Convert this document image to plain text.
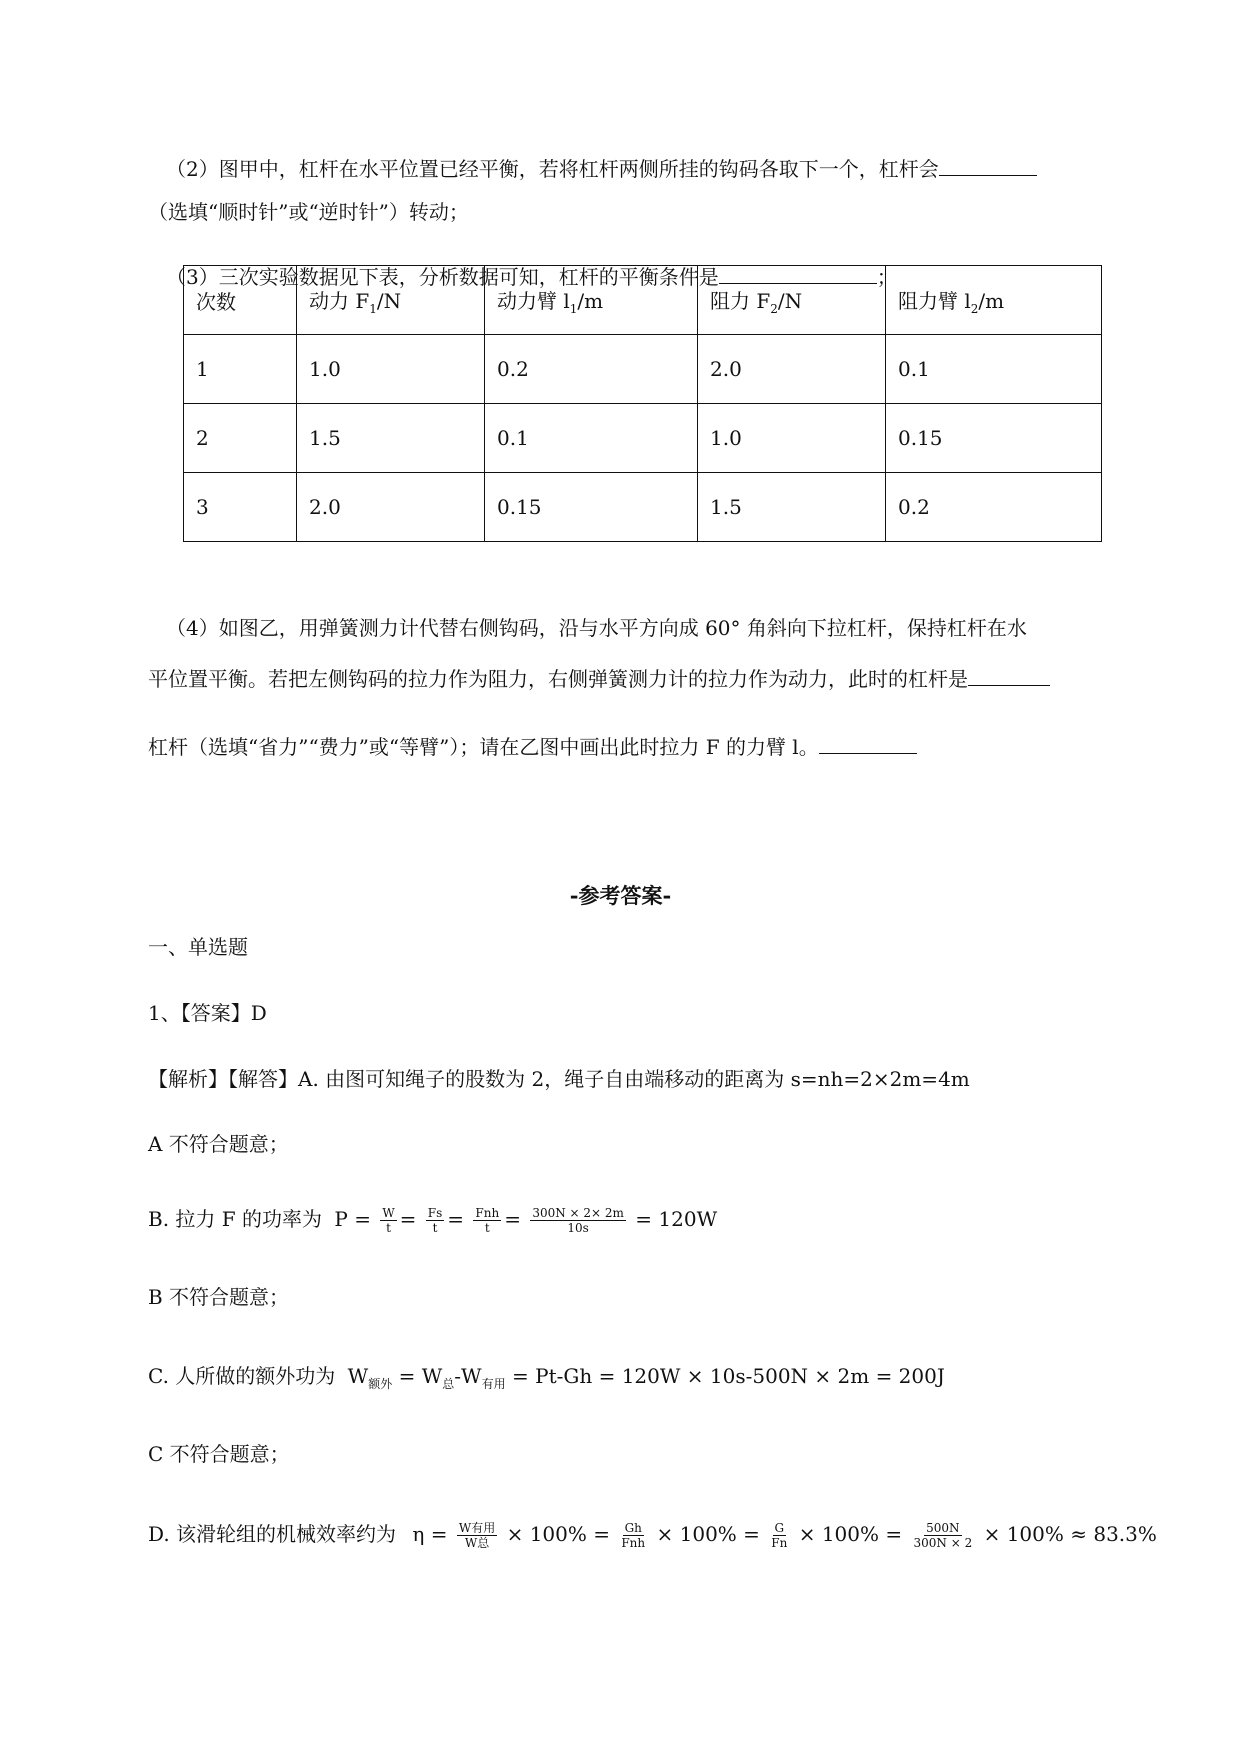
（2）图甲中，杠杆在水平位置已经平衡，若将杠杆两侧所挂的钩码各取下一个，杠杆会
（选填“顺时针”或“逆时针”）转动；
（3）三次实验数据见下表，分析数据可知，杠杆的平衡条件是	；
次数	动力 $F_1/N$	动力臂 $l_1/m$	阻力 $F_2/N$	阻力臂 $l_2/m$
1	1.0	0.2	2.0	0.1
2	1.5	0.1	1.0	0.15
3	2.0	0.15	1.5	0.2
（4）如图乙，用弹簧测力计代替右侧钩码，沿与水平方向成 60° 角斜向下拉杠杆，保持杠杆在水
平位置平衡。若把左侧钩码的拉力作为阻力，右侧弹簧测力计的拉力作为动力，此时的杠杆是
杠杆（选填“省力”“费力”或“等臂”）；请在乙图中画出此时拉力 F 的力臂 l。
-参考答案-
一、单选题
1、【答案】D
【解析】【解答】A. 由图可知绳子的股数为 2，绳子自由端移动的距离为 s=nh=2×2m=4m
A 不符合题意；
B. 拉力 F 的功率为 $P = \frac{W}{t} = \frac{Fs}{t} = \frac{\text{Fnh}}{t} = \frac{300N \times 2\times 2m}{10s} = 120W$
B 不符合题意；
C. 人所做的额外功为 $W_{额外} = W_总-W_{有用} = Pt-Gh = 120W \times 10s-500N \times 2m = 200J$
C 不符合题意；
D. 该滑轮组的机械效率约为 $\eta = \frac{\text{W有用}}{\text{W总}} \times 100\% = \frac{Gh}{\text{Fnh}} \times 100\% = \frac{G}{Fn} \times 100\% = \frac{500N}{300N \times 2} \times 100\% \approx 83.3\%$
